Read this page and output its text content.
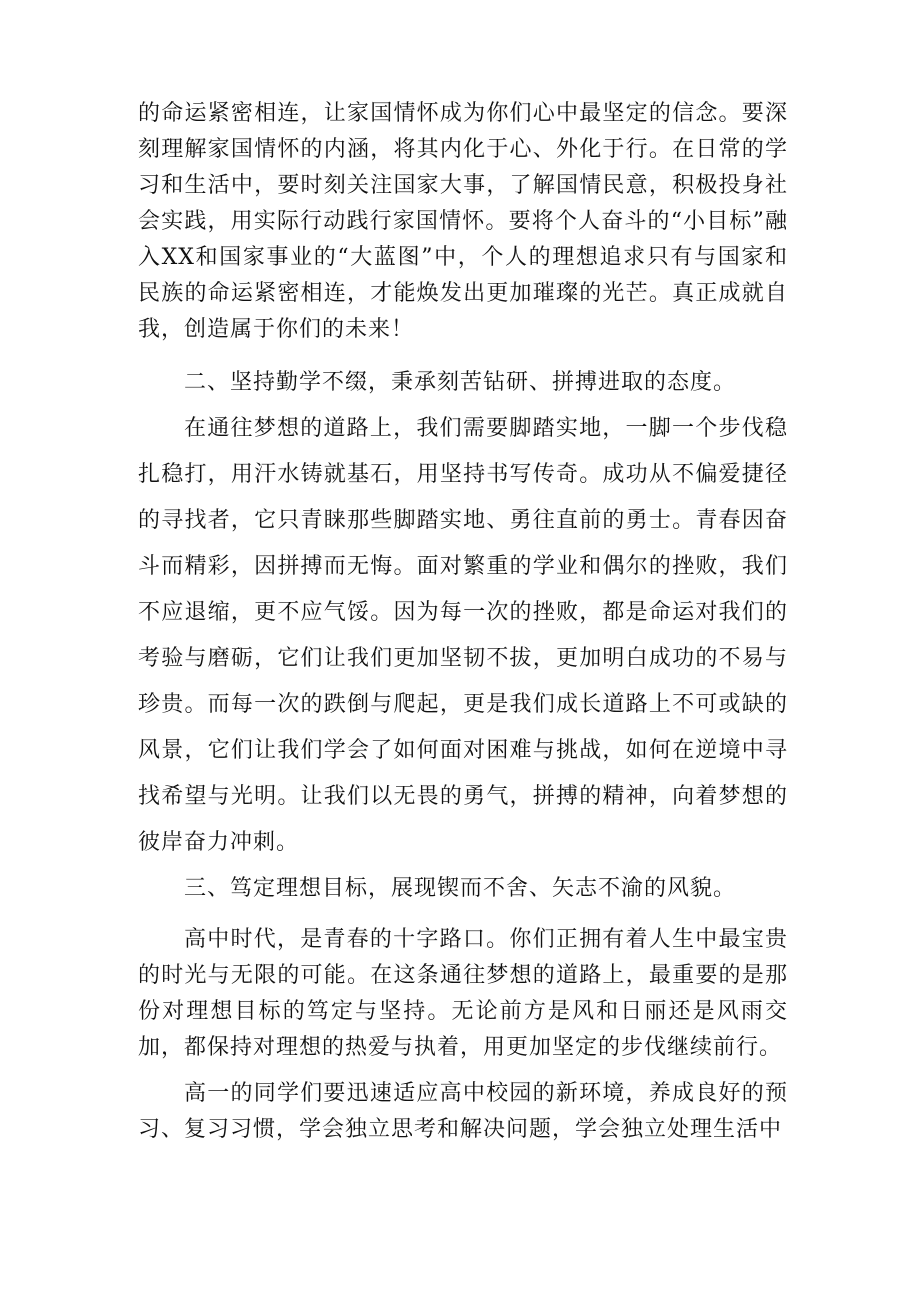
的命运紧密相连，让家国情怀成为你们心中最坚定的信念。要深刻理解家国情怀的内涵，将其内化于心、外化于行。在日常的学习和生活中，要时刻关注国家大事，了解国情民意，积极投身社会实践，用实际行动践行家国情怀。要将个人奋斗的“小目标”融入XX和国家事业的“大蓝图”中，个人的理想追求只有与国家和民族的命运紧密相连，才能焕发出更加璀璨的光芒。真正成就自我，创造属于你们的未来！

二、坚持勤学不缀，秉承刻苦钻研、拼搏进取的态度。

在通往梦想的道路上，我们需要脚踏实地，一脚一个步伐稳扎稳打，用汗水铸就基石，用坚持书写传奇。成功从不偏爱捷径的寻找者，它只青睐那些脚踏实地、勇往直前的勇士。青春因奋斗而精彩，因拼搏而无悔。面对繁重的学业和偶尔的挫败，我们不应退缩，更不应气馁。因为每一次的挫败，都是命运对我们的考验与磨砺，它们让我们更加坚韧不拔，更加明白成功的不易与珍贵。而每一次的跌倒与爬起，更是我们成长道路上不可或缺的风景，它们让我们学会了如何面对困难与挑战，如何在逆境中寻找希望与光明。让我们以无畏的勇气，拼搏的精神，向着梦想的彼岸奋力冲刺。

三、笃定理想目标，展现锲而不舍、矢志不渝的风貌。

高中时代，是青春的十字路口。你们正拥有着人生中最宝贵的时光与无限的可能。在这条通往梦想的道路上，最重要的是那份对理想目标的笃定与坚持。无论前方是风和日丽还是风雨交加，都保持对理想的热爱与执着，用更加坚定的步伐继续前行。

高一的同学们要迅速适应高中校园的新环境，养成良好的预习、复习习惯，学会独立思考和解决问题，学会独立处理生活中
